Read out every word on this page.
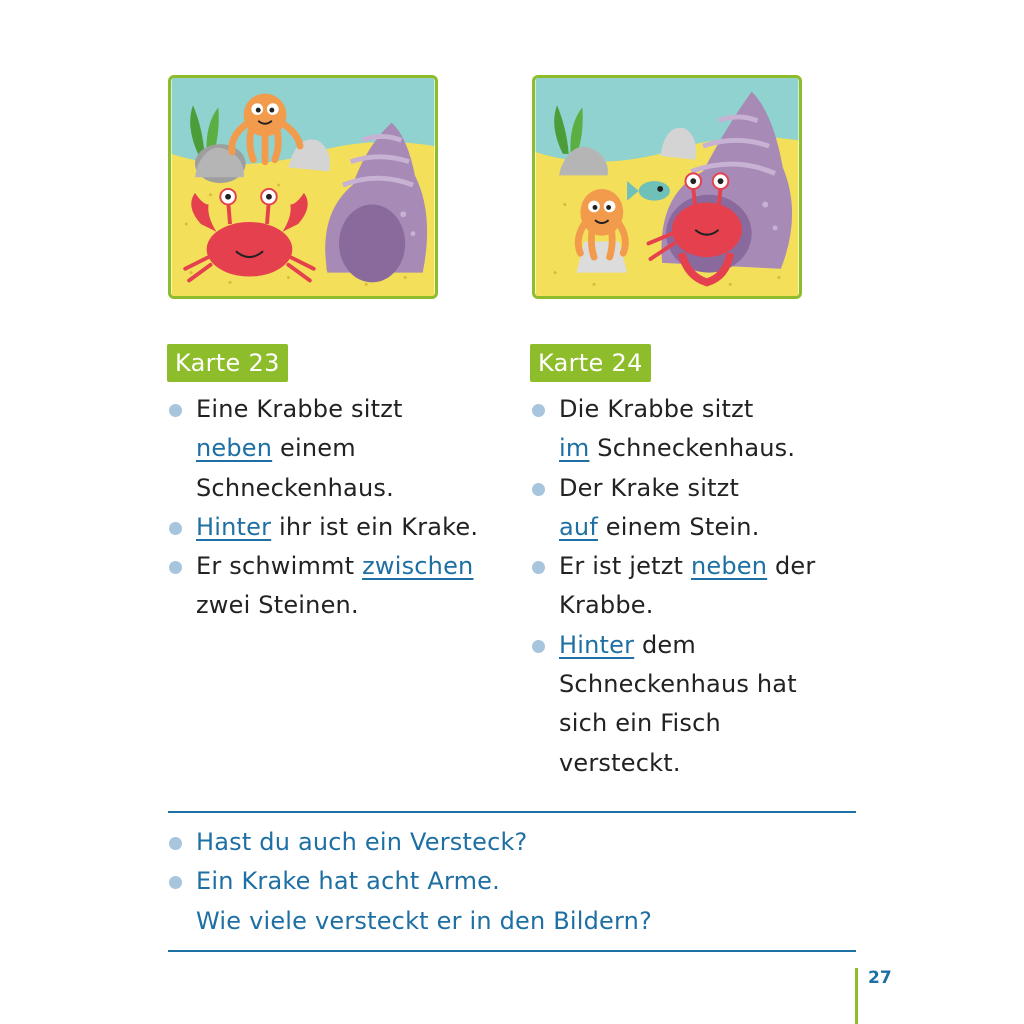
Karte 23	Karte 24
Eine Krabbe sitzt
neben einem Schneckenhaus.
Hinter ihr ist ein Krake.
Er schwimmt zwischen zwei Steinen.
Die Krabbe sitzt
im Schneckenhaus.
Der Krake sitzt
auf einem Stein.
Er ist jetzt neben der Krabbe.
Hinter dem Schneckenhaus hat sich ein Fisch versteckt.
Hast du auch ein Versteck?
Ein Krake hat acht Arme.
Wie viele versteckt er in den Bildern?
27
